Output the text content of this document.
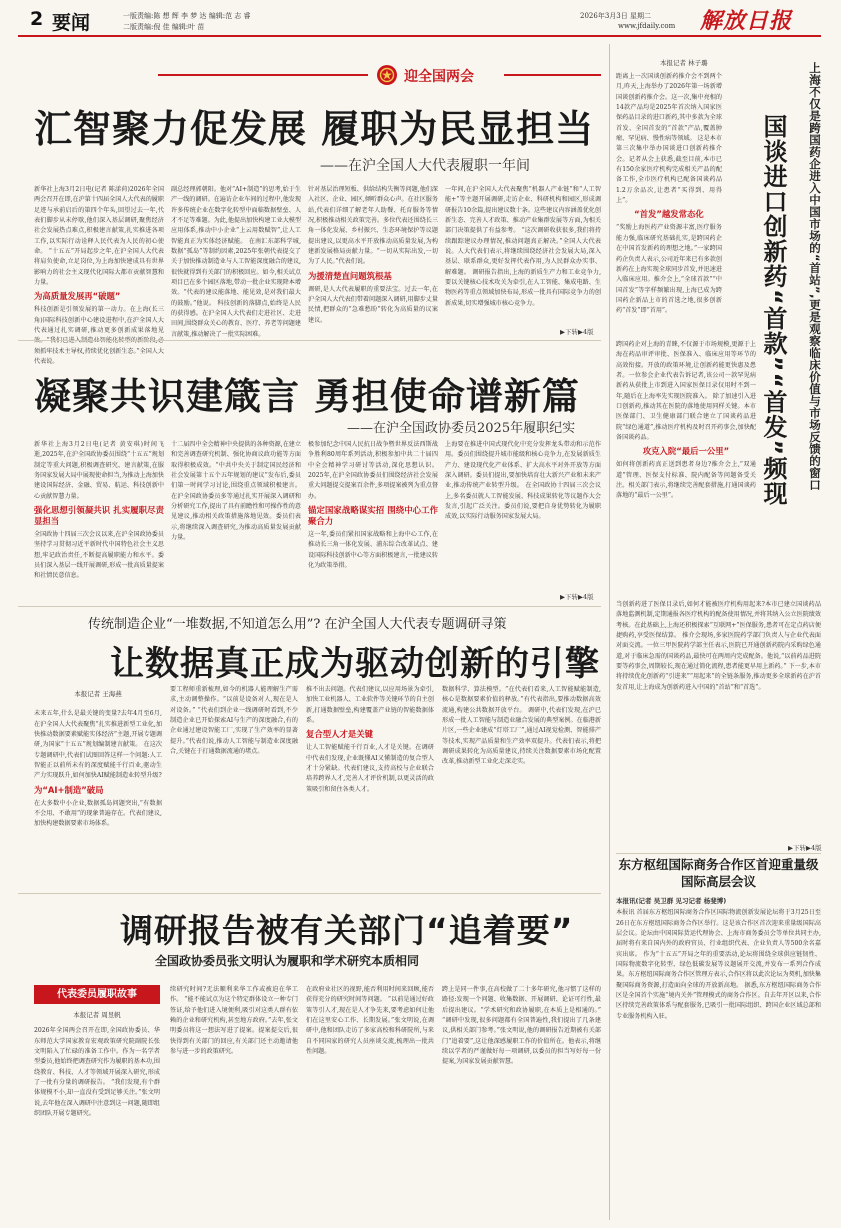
2 要闻	一版责编:陈 想 辉 李 梦 达 编辑:范 志 睿
二版责编:倪 佳 编辑:叶 苗
2026年3月3日 星期二
www.jfdaily.com 解放日报
迎全国两会
汇智聚力促发展 履职为民显担当
——在沪全国人大代表履职一年间
新华社上海3月2日电(记者 陈漾荷)2026年全国两会召开在即,在沪第十四届全国人大代表的履职足迹与承前启后的第四个年头,回望过去一年,代表们脚步从未停歇,他们深入基层调研,聚焦经济社会发展热点难点,积极建言献策,扎实推进各项工作,以实际行动诠释人民代表为人民的初心使命。 “十五五”开局起步之年,在沪全国人大代表将肩负使命,立足岗位,为上海加快建成具有世界影响力的社会主义现代化国际大都市贡献智慧和力量。
为高质量发展再“破题”
科技创新是引领发展的第一动力。在上海(长三角)国际科技创新中心建设进程中,在沪全国人大代表通过扎实调研,推动更多创新成果落地见效。“我们已进入制造业智能化转型的新阶段,必须抓牢技术主导权,持续优化创新生态。”全国人大代表说。
副总经理郭朝阳。他对“AI+制造”的思考,始于生产一线的调研。在遍访企业车间的过程中,他发现许多传统企业在数字化转型中面临数据壁垒、人才不足等难题。为此,他提出加快构建工业大模型应用体系,推动中小企业“上云用数赋智”,让人工智能真正为实体经济赋能。 在南汇东部科学城,数据“孤岛”等制约因素,2025年张朝代表提交了关于加快推动制造业与人工智能深度融合的建议,很快就得到有关部门的积极回应。如今,相关试点项目已在多个园区落地,带动一批企业实现降本增效。“代表的建议能落地、能见效,是对我们最大的鼓励。”他说。 科技创新的落脚点,始终是人民的获得感。在沪全国人大代表们走进社区、走进田间,围绕群众关心的教育、医疗、养老等问题建言献策,推动解决了一批实际困难。
针对基层治理短板、供给结构失衡等问题,他们深入社区、企业、园区,倾听群众心声。在社区服务站,代表们详细了解老年人助餐、托育服务等情况,积极推动相关政策完善。多位代表还围绕长三角一体化发展、乡村振兴、生态环境保护等议题提出建议,以更高水平开放推动高质量发展,为构建新发展格局贡献力量。“一切从实际出发,一切为了人民。”代表们说。
为援清楚直问题筑根基
调研,是人大代表履职的重要法宝。过去一年,在沪全国人大代表们带着问题深入调研,用脚步丈量民情,把群众的“急难愁盼”转化为高质量的议案建议。
一年间,在沪全国人大代表聚焦“机器人产业链”和“人工智能+”等主题开展调研,走访企业、科研机构和园区,形成调研报告10余篇,提出建议数十条。这些建议内容涵盖优化创新生态、完善人才政策、推动产业集群发展等方面,为相关部门决策提供了有益参考。 “这次调研收获很多,我们将持续跟踪建议办理情况,推动问题真正解决。”全国人大代表说。人大代表们表示,将继续围绕经济社会发展大局,深入基层、联系群众,更好发挥代表作用,为人民群众办实事、解难题。 调研报告指出,上海的新质生产力和工业竞争力,要以关键核心技术攻关为牵引,在人工智能、集成电路、生物医药等重点领域加快布局,形成一批具有国际竞争力的创新成果,切实增强城市核心竞争力。
▶下转▶4版
凝聚共识建箴言 勇担使命谱新篇
——在沪全国政协委员2025年履职纪实
新华社上海3月2日电(记者 黄安琪)时间飞逝,2025年,在沪全国政协委员围绕“十五五”规划制定等重大问题,积极调查研究、建言献策,在服务国家发展大局中展现使命担当,为推动上海加快建设国际经济、金融、贸易、航运、科技创新中心贡献智慧力量。
强化思想引领凝共识 扎实履职尽责显担当
全国政协十四届三次会议以来,在沪全国政协委员坚持学习贯彻习近平新时代中国特色社会主义思想,牢记政治责任,不断提高履职能力和水平。委员们深入基层一线开展调研,形成一批高质量提案和社情民意信息。
十二届四中全会精神中央提供的各种资源,在建立和完善调查研究机制、强化协商议政功能等方面取得积极成效。“中共中央关于制定国民经济和社会发展第十五个五年规划的建议”发布后,委员们第一时间学习讨论,围绕重点领域积极建言。 在沪全国政协委员多等通过扎实开展深入调研和分析研究工作,提出了具有前瞻性和可操作性的意见建议,推动相关政策措施落地见效。委员们表示,将继续深入调查研究,为推动高质量发展贡献力量。
极参加纪念中国人民抗日战争暨世界反法西斯战争胜利80周年系列活动,积极参加中共二十届四中全会精神学习研讨等活动,深化思想认识。2025年,在沪全国政协委员们围绕经济社会发展重大问题提交提案百余件,多项提案被列为重点督办。
锚定国家战略谋实招 围绕中心工作聚合力
这一年,委员们紧扣国家战略和上海中心工作,在推动长三角一体化发展、浦东综合改革试点、建设国际科技创新中心等方面积极建言,一批建议转化为政策举措。
上海要在推进中国式现代化中充分发挥龙头带动和示范作用。委员们围绕提升城市能级和核心竞争力,在发展新质生产力、建设现代化产业体系、扩大高水平对外开放等方面深入调研。委员们提出,要加快培育壮大新兴产业和未来产业,推动传统产业转型升级。 在全国政协十四届三次会议上,多名委员就人工智能发展、科技成果转化等议题作大会发言,引起广泛关注。委员们说,要把自身优势转化为履职成效,以实际行动服务国家发展大局。
▶下转▶4版
传统制造企业“一堆数据,不知道怎么用”? 在沪全国人大代表专题调研寻策
让数据真正成为驱动创新的引擎
本报记者 王海燕
未来五年,什么是最关键的变量?去年4月至6月,在沪全国人大代表聚焦“扎实推进新型工业化,加快推动数据要素赋能实体经济”主题,开展专题调研,为国家“十五五”规划编制建言献策。 在这次专题调研中,代表们试图回答这样一个问题:人工智能正以前所未有的深度赋能千行百业,驱动生产力实现跃升,如何加快AI赋能制造业转型升级?
为“AI+制造”破局
在大多数中小企业,数据孤岛问题突出,“有数据不会用、不敢用”的现象普遍存在。代表们建议,加快构建数据要素市场体系。
要工程师重新梳理,如今的机器人能理解生产需求,主动调整操作。“以前是设备对人,现在是人对设备。” “代表们到企业一线调研时看到,不少制造企业已开始探索AI与生产的深度融合,有的企业通过建设智能工厂,实现了生产效率的显著提升。”代表们说,推动人工智能与制造业深度融合,关键在于打通数据流通的堵点。
推不出去问题。代表们建议,以应用场景为牵引,加快工业机器人、工业软件等关键环节的自主创新,打通数据壁垒,构建覆盖产业链的智能数据体系。
复合型人才是关键
让人工智能赋能千行百业,人才是关键。在调研中代表们发现,企业既懂AI又懂制造的复合型人才十分紧缺。代表们建议,支持高校与企业联合培养跨界人才,完善人才评价机制,以更灵活的政策吸引和留住各类人才。
数据科学、算法模型。“在代表们看来,人工智能赋能制造,核心是数据要素价值的释放。”有代表指出,要推动数据高效流通,构建公共数据开放平台。 调研中,代表们发现,在沪已形成一批人工智能与制造业融合发展的典型案例。在临港新片区,一些企业建成“灯塔工厂”,通过AI视觉检测、智能排产等技术,实现产品质量和生产效率双提升。代表们表示,将把调研成果转化为高质量建议,持续关注数据要素市场化配置改革,推动新型工业化走深走实。
调研报告被有关部门“追着要”
全国政协委员张文明认为履职和学术研究本质相同
代表委员履职故事
本报记者 周昱帆
2026年全国两会召开在即,全国政协委员、华东师范大学国家教育宏观政策研究院副院长张文明陷入了忙碌的准备工作中。作为一名学者型委员,他始终把调查研究作为履职的基本功,围绕教育、科技、人才等领域开展深入研究,形成了一批有分量的调研报告。 “我们发现,有个群体规模不小,却一直没有受到足够关注。”张文明说,去年他在深入调研中注意到这一问题,随即组织团队开展专题研究。
续研究时间?无法顺利来华工作或被迫在华工作。 “能不能试点为这个特定群体设立一种专门签证,给予他们进入境便利,吸引对这类人群有依赖的企业和研究机构,甚至地方政府。”去年,张文明委员将这一想法写进了提案。提案提交后,很快得到有关部门的回应,有关部门还主动邀请他参与进一步的政策研究。
在政府业社区的视野,能否利用时间来回顾,能否获得充分的研究时间等问题。 “以前是通过好政策等引人才,现在是人才争先来,要考虑如何让他们在这里安心工作、长期发展。”张文明说,在调研中,他和团队走访了多家高校和科研院所,与来自不同国家的研究人员座谈交流,梳理出一批共性问题。
跨上是同一件事,在高校做了二十多年研究,他习惯了这样的路径:发现一个问题、收集数据、开展调研、论证可行性,最后提出建议。“学术研究和政协履职,在本质上是相通的。” “调研中发现,很多问题都有全国普遍性,我们提出了几条建议,供相关部门参考。”张文明说,他的调研报告近期被有关部门“追着要”,这让他深感履职工作的价值所在。他表示,将继续以学者的严谨做好每一项调研,以委员的担当写好每一份提案,为国家发展贡献智慧。
本报记者 林子璐	上海不仅是跨国药企进入中国市场的“首站”,更是观察临床价值与市场反馈的窗口
国谈进口创新药“首款”“首发”频现
距离上一次国谈创新药推介会不到两个月,昨天,上海举办了2026年第一场新增国谈创新药推介会。这一次,集中亮相的14款产品均是2025年首次纳入国家医保药品目录的进口新药,其中多款为全球首发、全国首发的“首款”产品,覆盖肿瘤、罕见病、慢性病等领域。 这是本市第三次集中举办国谈进口创新药推介会。记者从会上获悉,截至目前,本市已有150余家医疗机构完成相关产品的配备工作,全市医疗机构已配备国谈药品1.2万余品次,让患者“买得到、用得上”。
“首发”越发常态化
“奖励上海医药产业资源丰富,医疗服务能力强,临床研究基础扎实,是跨国药企在中国首发新药的理想之地。”一家跨国药企负责人表示,公司近年来已有多款创新药在上海实现全球同步首发,并迅速进入临床应用。推介会上,“全球首款”“中国首发”等字样频繁出现,上海已成为跨国药企新品上市的首选之地,很多创新药“首发”即“首用”。
跨国药企对上海的青睐,不仅源于市场规模,更源于上海在药品审评审批、医保准入、临床应用等环节的高效衔接。开放的政策环境,让创新药能更快惠及患者。一位参会企业代表告诉记者,该公司一款罕见病新药从获批上市到进入国家医保目录仅用时不到一年,随后在上海率先实现医院准入。 除了加速引入进口创新药,推动其在医院的落地使用同样关键。本市医保部门、卫生健康部门联合建立了国谈药品进院“绿色通道”,推动医疗机构及时召开药事会,加快配备国谈药品。
攻克入院“最后一公里”
如何将创新药真正送到患者身边?推介会上,“双通道”管理、医保支付标准、院内配备等问题备受关注。相关部门表示,将继续完善配套措施,打通国谈药落地的“最后一公里”。
当创新药进了医保目录后,如何才能被医疗机构用起来?本市已建立国谈药品落地监测机制,定期通报各医疗机构的配备使用情况,并将其纳入公立医院绩效考核。在此基础上,上海还积极探索“互联网+”医保服务,患者可在定点药店便捷购药,享受医保结算。 推介会现场,多家医院药学部门负责人与企业代表面对面交流。一位三甲医院药学部主任表示,医院已开通创新药院内采购绿色通道,对于临床急需的国谈药品,最快可在两周内完成配备。他说,“以前药品进院要等药事会,周期较长,现在通过简化流程,患者能更早用上新药。” 下一步,本市将持续优化创新药“引进来”“用起来”的全链条服务,推动更多全球新药在沪首发首用,让上海成为创新药进入中国的“首站”和“首选”。
▶下转▶4版
东方枢纽国际商务合作区首迎重量级国际高层会议
本报讯(记者 吴卫群 见习记者 杨斐博)
本报讯 首届东方枢纽国际商务合作区国际物流创新发展论坛将于3月25日至26日在东方枢纽国际商务合作区举行。这是该合作区首次迎来重量级国际高层会议。论坛由中国国际货运代理协会、上海市商务委员会等单位共同主办,届时将有来自国内外的政府官员、行业组织代表、企业负责人等500余名嘉宾出席。 作为“十五五”开局之年的重要活动,论坛将围绕全球供应链韧性、国际物流数字化转型、绿色低碳发展等议题展开交流,并发布一系列合作成果。东方枢纽国际商务合作区管理方表示,合作区将以此次论坛为契机,加快集聚国际商务资源,打造面向全球的开放新高地。 据悉,东方枢纽国际商务合作区是全国首个实施“境内关外”管理模式的商务合作区。自去年开区以来,合作区持续完善政策体系与配套服务,已吸引一批国际组织、跨国企业区域总部和专业服务机构入驻。
